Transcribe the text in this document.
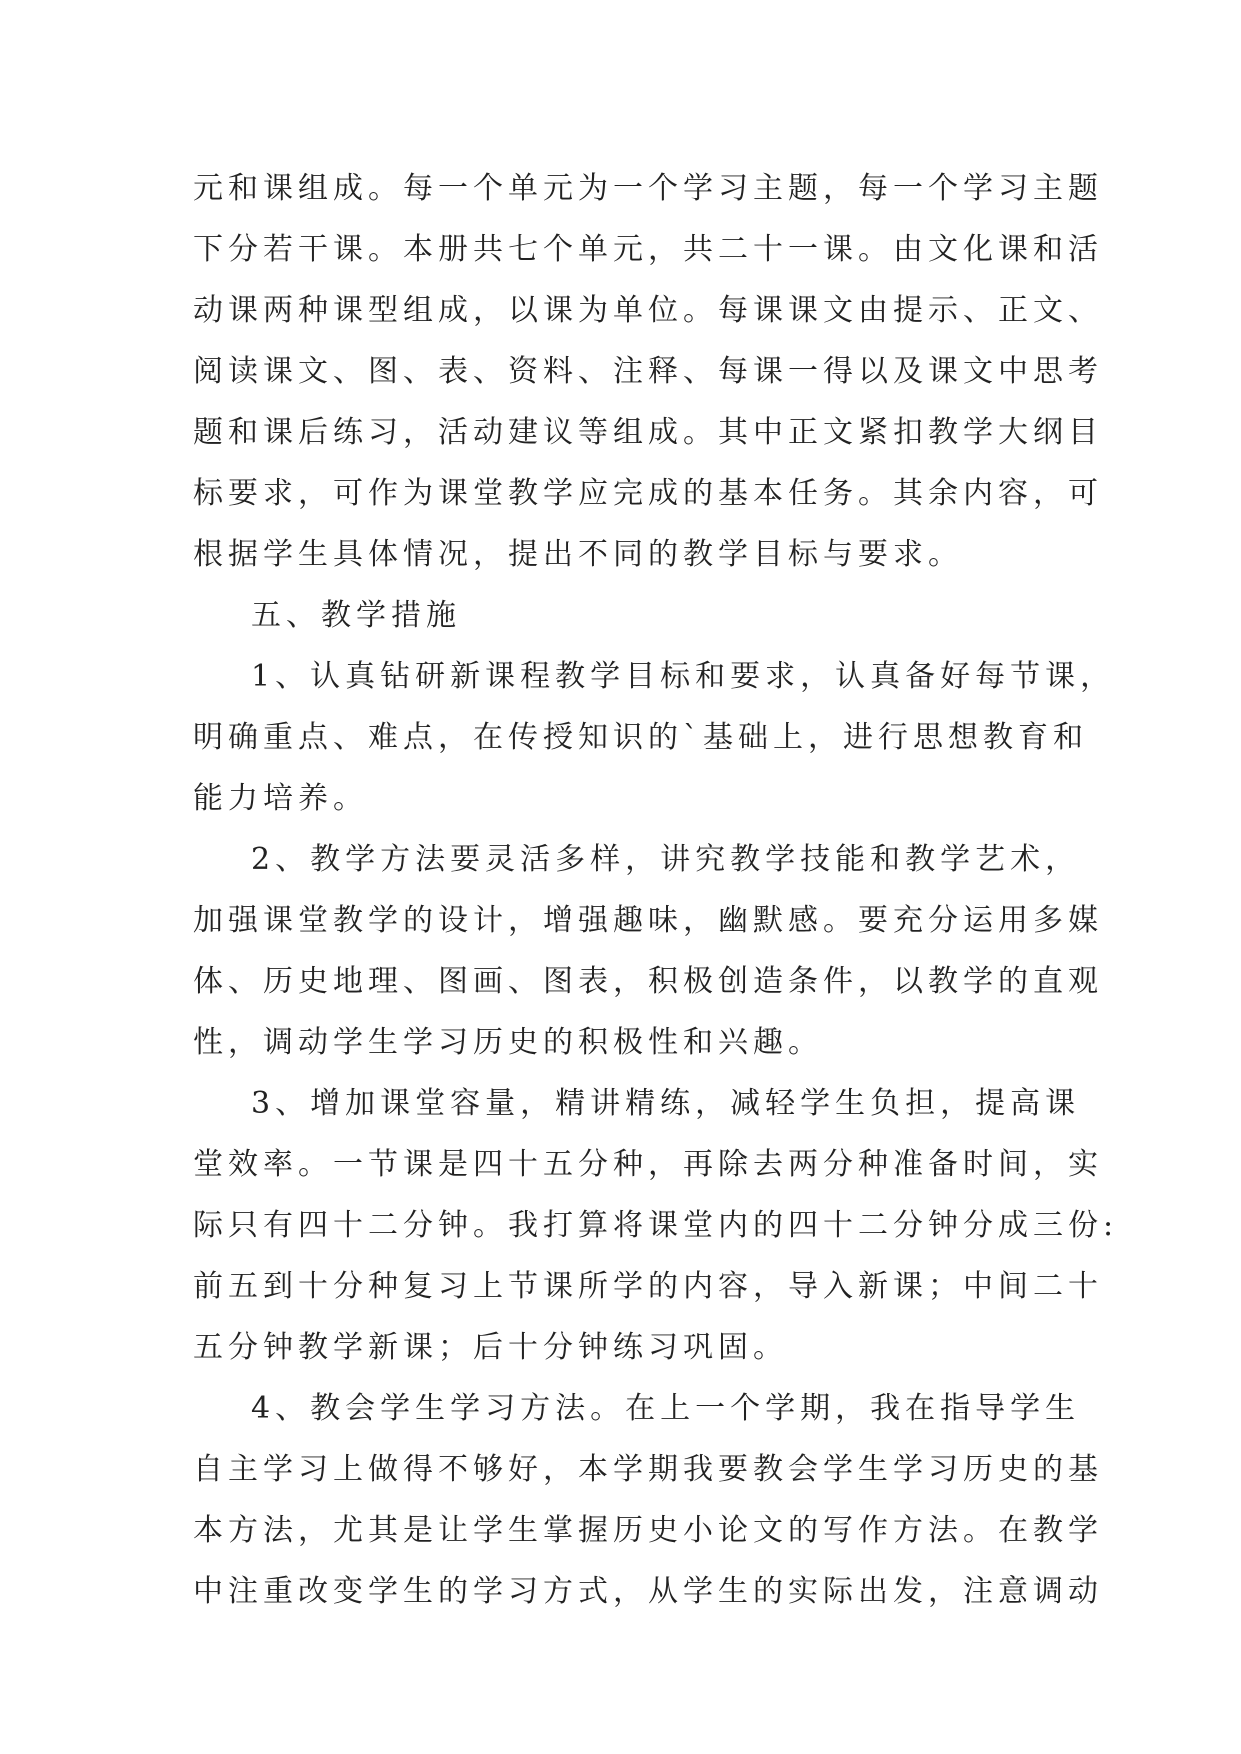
元和课组成。每一个单元为一个学习主题，每一个学习主题

下分若干课。本册共七个单元，共二十一课。由文化课和活

动课两种课型组成，以课为单位。每课课文由提示、正文、

阅读课文、图、表、资料、注释、每课一得以及课文中思考

题和课后练习，活动建议等组成。其中正文紧扣教学大纲目

标要求，可作为课堂教学应完成的基本任务。其余内容，可

根据学生具体情况，提出不同的教学目标与要求。

五、教学措施

1、认真钻研新课程教学目标和要求，认真备好每节课，

明确重点、难点，在传授知识的`基础上，进行思想教育和

能力培养。

2、教学方法要灵活多样，讲究教学技能和教学艺术，

加强课堂教学的设计，增强趣味，幽默感。要充分运用多媒

体、历史地理、图画、图表，积极创造条件，以教学的直观

性，调动学生学习历史的积极性和兴趣。

3、增加课堂容量，精讲精练，减轻学生负担，提高课

堂效率。一节课是四十五分种，再除去两分种准备时间，实

际只有四十二分钟。我打算将课堂内的四十二分钟分成三份:

前五到十分种复习上节课所学的内容，导入新课；中间二十

五分钟教学新课；后十分钟练习巩固。

4、教会学生学习方法。在上一个学期，我在指导学生

自主学习上做得不够好，本学期我要教会学生学习历史的基

本方法，尤其是让学生掌握历史小论文的写作方法。在教学

中注重改变学生的学习方式，从学生的实际出发，注意调动
